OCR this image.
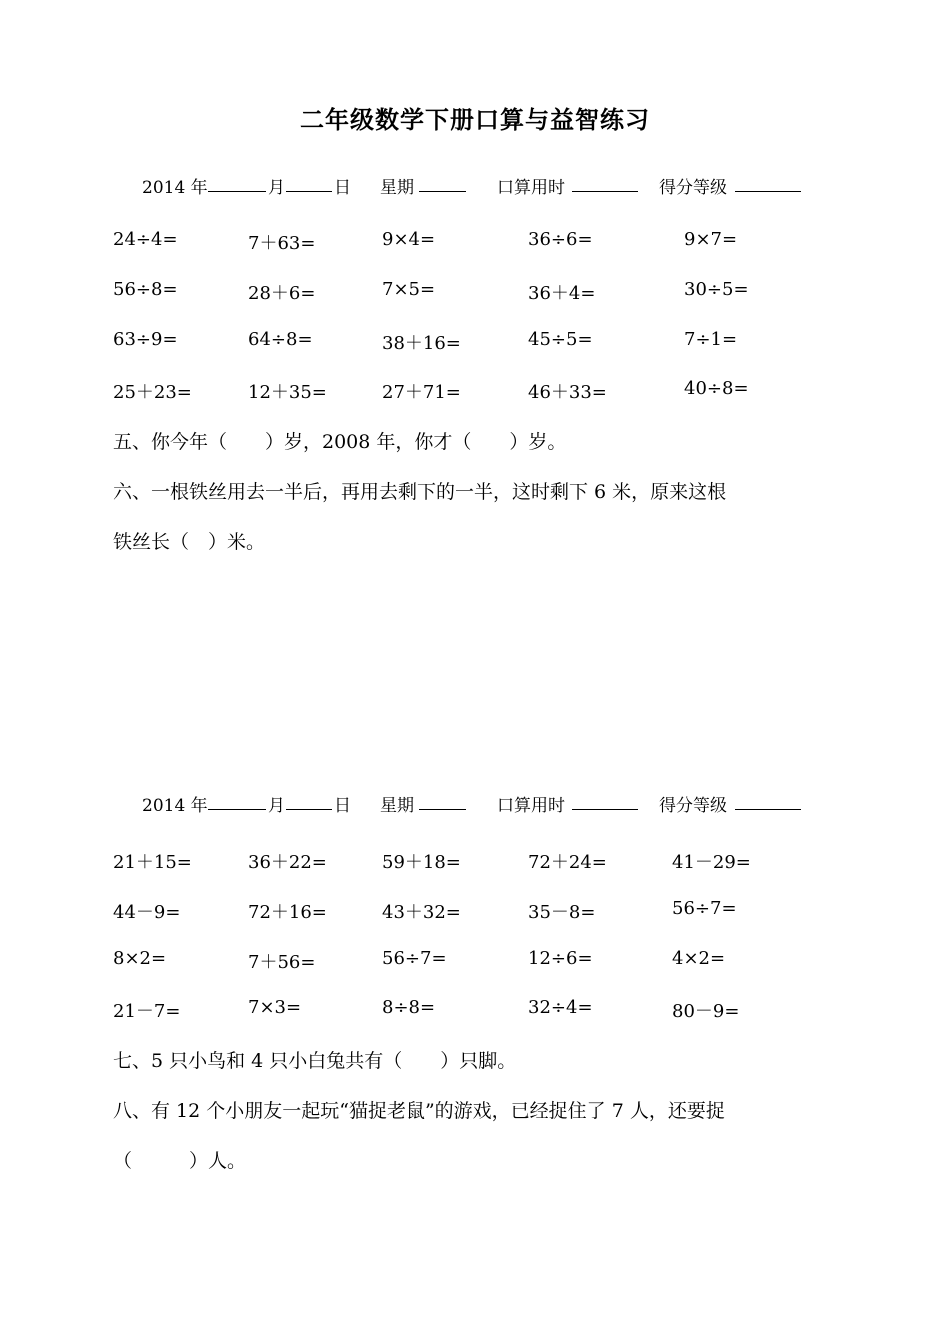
二年级数学下册口算与益智练习
2014 年	月	日 星期	口算用时	得分等级
24÷4=	7＋63=	9×4=	36÷6=	9×7=
56÷8=	28＋6=	7×5=	36＋4=	30÷5=
63÷9=	64÷8=	38＋16=	45÷5=	7÷1=
25＋23=	12＋35=	27＋71=	46＋33=	40÷8=
五、你今年（　　）岁，2008 年，你才（　　）岁。
六、一根铁丝用去一半后，再用去剩下的一半，这时剩下 6 米，原来这根
铁丝长（　）米。
2014 年	月	日 星期	口算用时	得分等级
21＋15=	36＋22=	59＋18=	72＋24=	41－29=
44－9=	72＋16=	43＋32=	35－8=	56÷7=
8×2=	7＋56=	56÷7=	12÷6=	4×2=
21－7=	7×3=	8÷8=	32÷4=	80－9=
七、5 只小鸟和 4 只小白兔共有（　　）只脚。
八、有 12 个小朋友一起玩“猫捉老鼠”的游戏，已经捉住了 7 人，还要捉
（　　　）人。
